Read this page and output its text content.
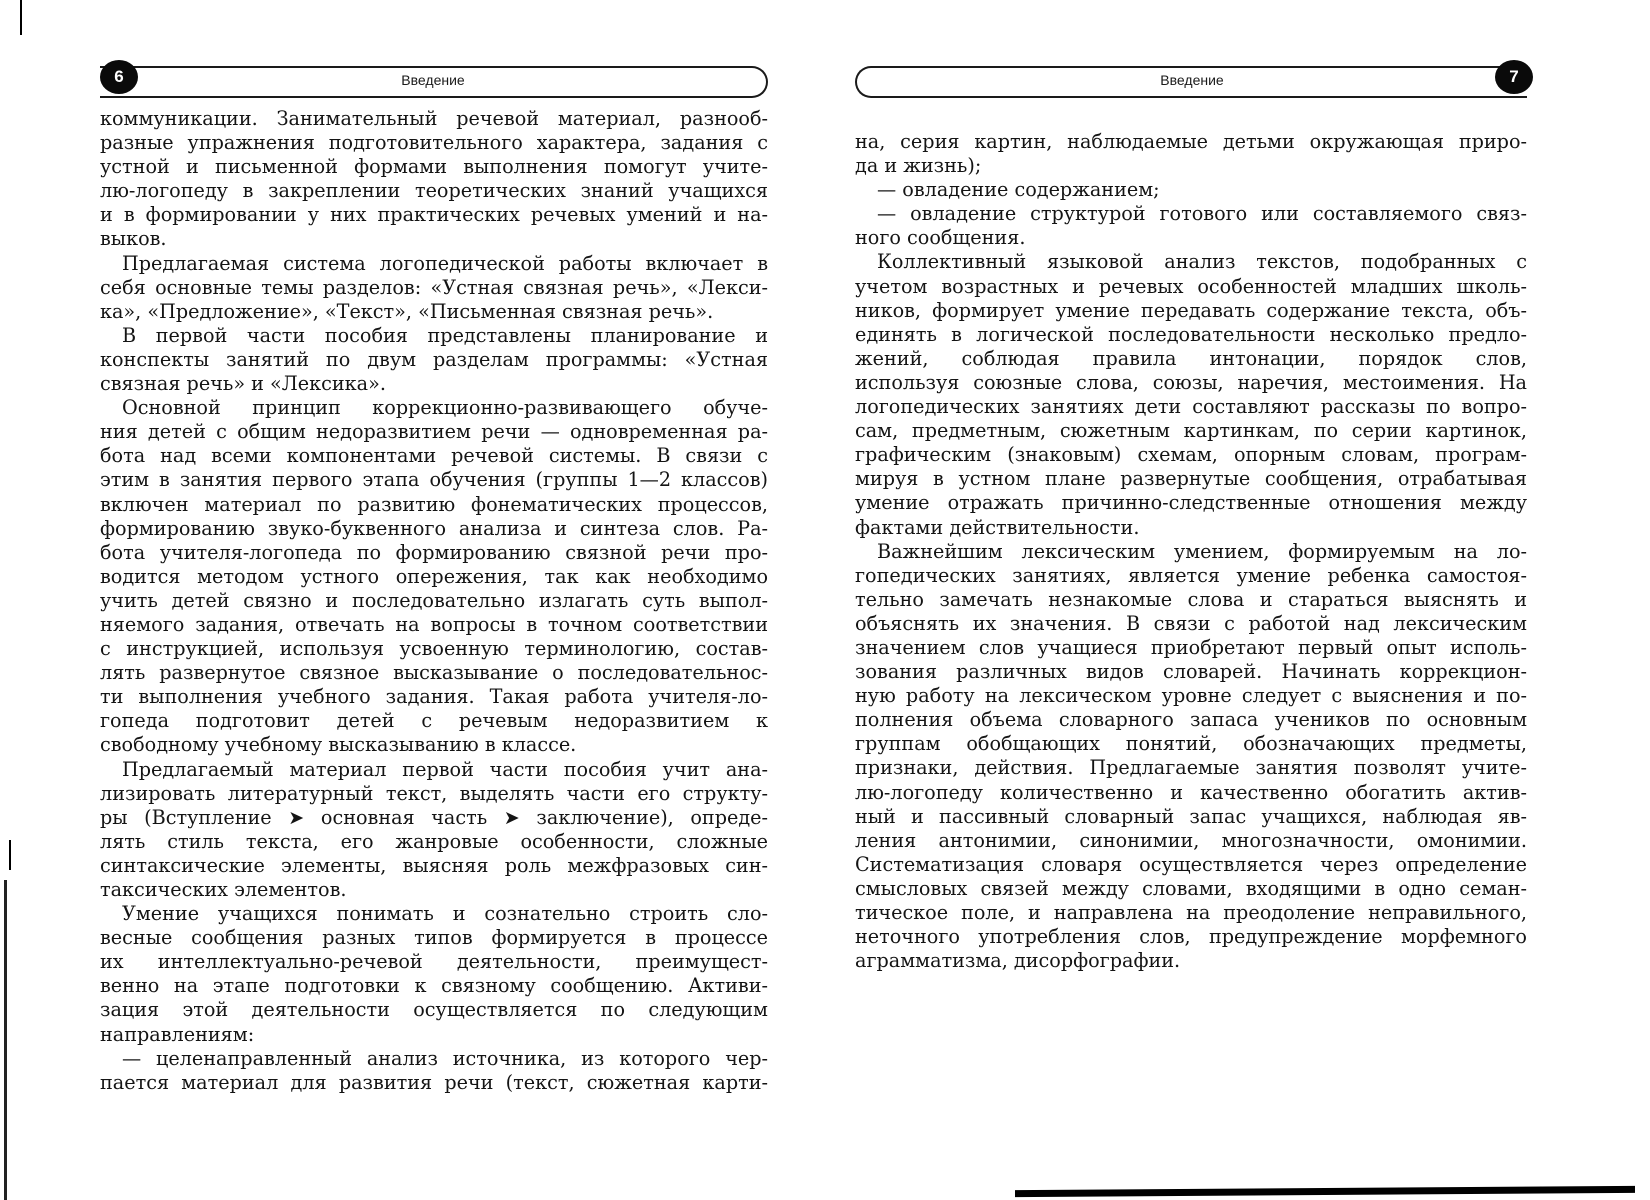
Введение
6
коммуникации. Занимательный речевой материал, разнооб-
разные упражнения подготовительного характера, задания с
устной и письменной формами выполнения помогут учите-
лю-логопеду в закреплении теоретических знаний учащихся
и в формировании у них практических речевых умений и на-
выков.
Предлагаемая система логопедической работы включает в
себя основные темы разделов: «Устная связная речь», «Лекси-
ка», «Предложение», «Текст», «Письменная связная речь».
В первой части пособия представлены планирование и
конспекты занятий по двум разделам программы: «Устная
связная речь» и «Лексика».
Основной принцип коррекционно-развивающего обуче-
ния детей с общим недоразвитием речи — одновременная ра-
бота над всеми компонентами речевой системы. В связи с
этим в занятия первого этапа обучения (группы 1—2 классов)
включен материал по развитию фонематических процессов,
формированию звуко-буквенного анализа и синтеза слов. Ра-
бота учителя-логопеда по формированию связной речи про-
водится методом устного опережения, так как необходимо
учить детей связно и последовательно излагать суть выпол-
няемого задания, отвечать на вопросы в точном соответствии
с инструкцией, используя усвоенную терминологию, состав-
лять развернутое связное высказывание о последовательнос-
ти выполнения учебного задания. Такая работа учителя-ло-
гопеда подготовит детей с речевым недоразвитием к
свободному учебному высказыванию в классе.
Предлагаемый материал первой части пособия учит ана-
лизировать литературный текст, выделять части его структу-
ры (Вступление ➤ основная часть ➤ заключение), опреде-
лять стиль текста, его жанровые особенности, сложные
синтаксические элементы, выясняя роль межфразовых син-
таксических элементов.
Умение учащихся понимать и сознательно строить сло-
весные сообщения разных типов формируется в процессе
их интеллектуально-речевой деятельности, преимущест-
венно на этапе подготовки к связному сообщению. Активи-
зация этой деятельности осуществляется по следующим
направлениям:
— целенаправленный анализ источника, из которого чер-
пается материал для развития речи (текст, сюжетная карти-
Введение	7
на, серия картин, наблюдаемые детьми окружающая приро-
да и жизнь);
— овладение содержанием;
— овладение структурой готового или составляемого связ-
ного сообщения.
Коллективный языковой анализ текстов, подобранных с
учетом возрастных и речевых особенностей младших школь-
ников, формирует умение передавать содержание текста, объ-
единять в логической последовательности несколько предло-
жений, соблюдая правила интонации, порядок слов,
используя союзные слова, союзы, наречия, местоимения. На
логопедических занятиях дети составляют рассказы по вопро-
сам, предметным, сюжетным картинкам, по серии картинок,
графическим (знаковым) схемам, опорным словам, програм-
мируя в устном плане развернутые сообщения, отрабатывая
умение отражать причинно-следственные отношения между
фактами действительности.
Важнейшим лексическим умением, формируемым на ло-
гопедических занятиях, является умение ребенка самостоя-
тельно замечать незнакомые слова и стараться выяснять и
объяснять их значения. В связи с работой над лексическим
значением слов учащиеся приобретают первый опыт исполь-
зования различных видов словарей. Начинать коррекцион-
ную работу на лексическом уровне следует с выяснения и по-
полнения объема словарного запаса учеников по основным
группам обобщающих понятий, обозначающих предметы,
признаки, действия. Предлагаемые занятия позволят учите-
лю-логопеду количественно и качественно обогатить актив-
ный и пассивный словарный запас учащихся, наблюдая яв-
ления антонимии, синонимии, многозначности, омонимии.
Систематизация словаря осуществляется через определение
смысловых связей между словами, входящими в одно семан-
тическое поле, и направлена на преодоление неправильного,
неточного употребления слов, предупреждение морфемного
аграмматизма, дисорфографии.
